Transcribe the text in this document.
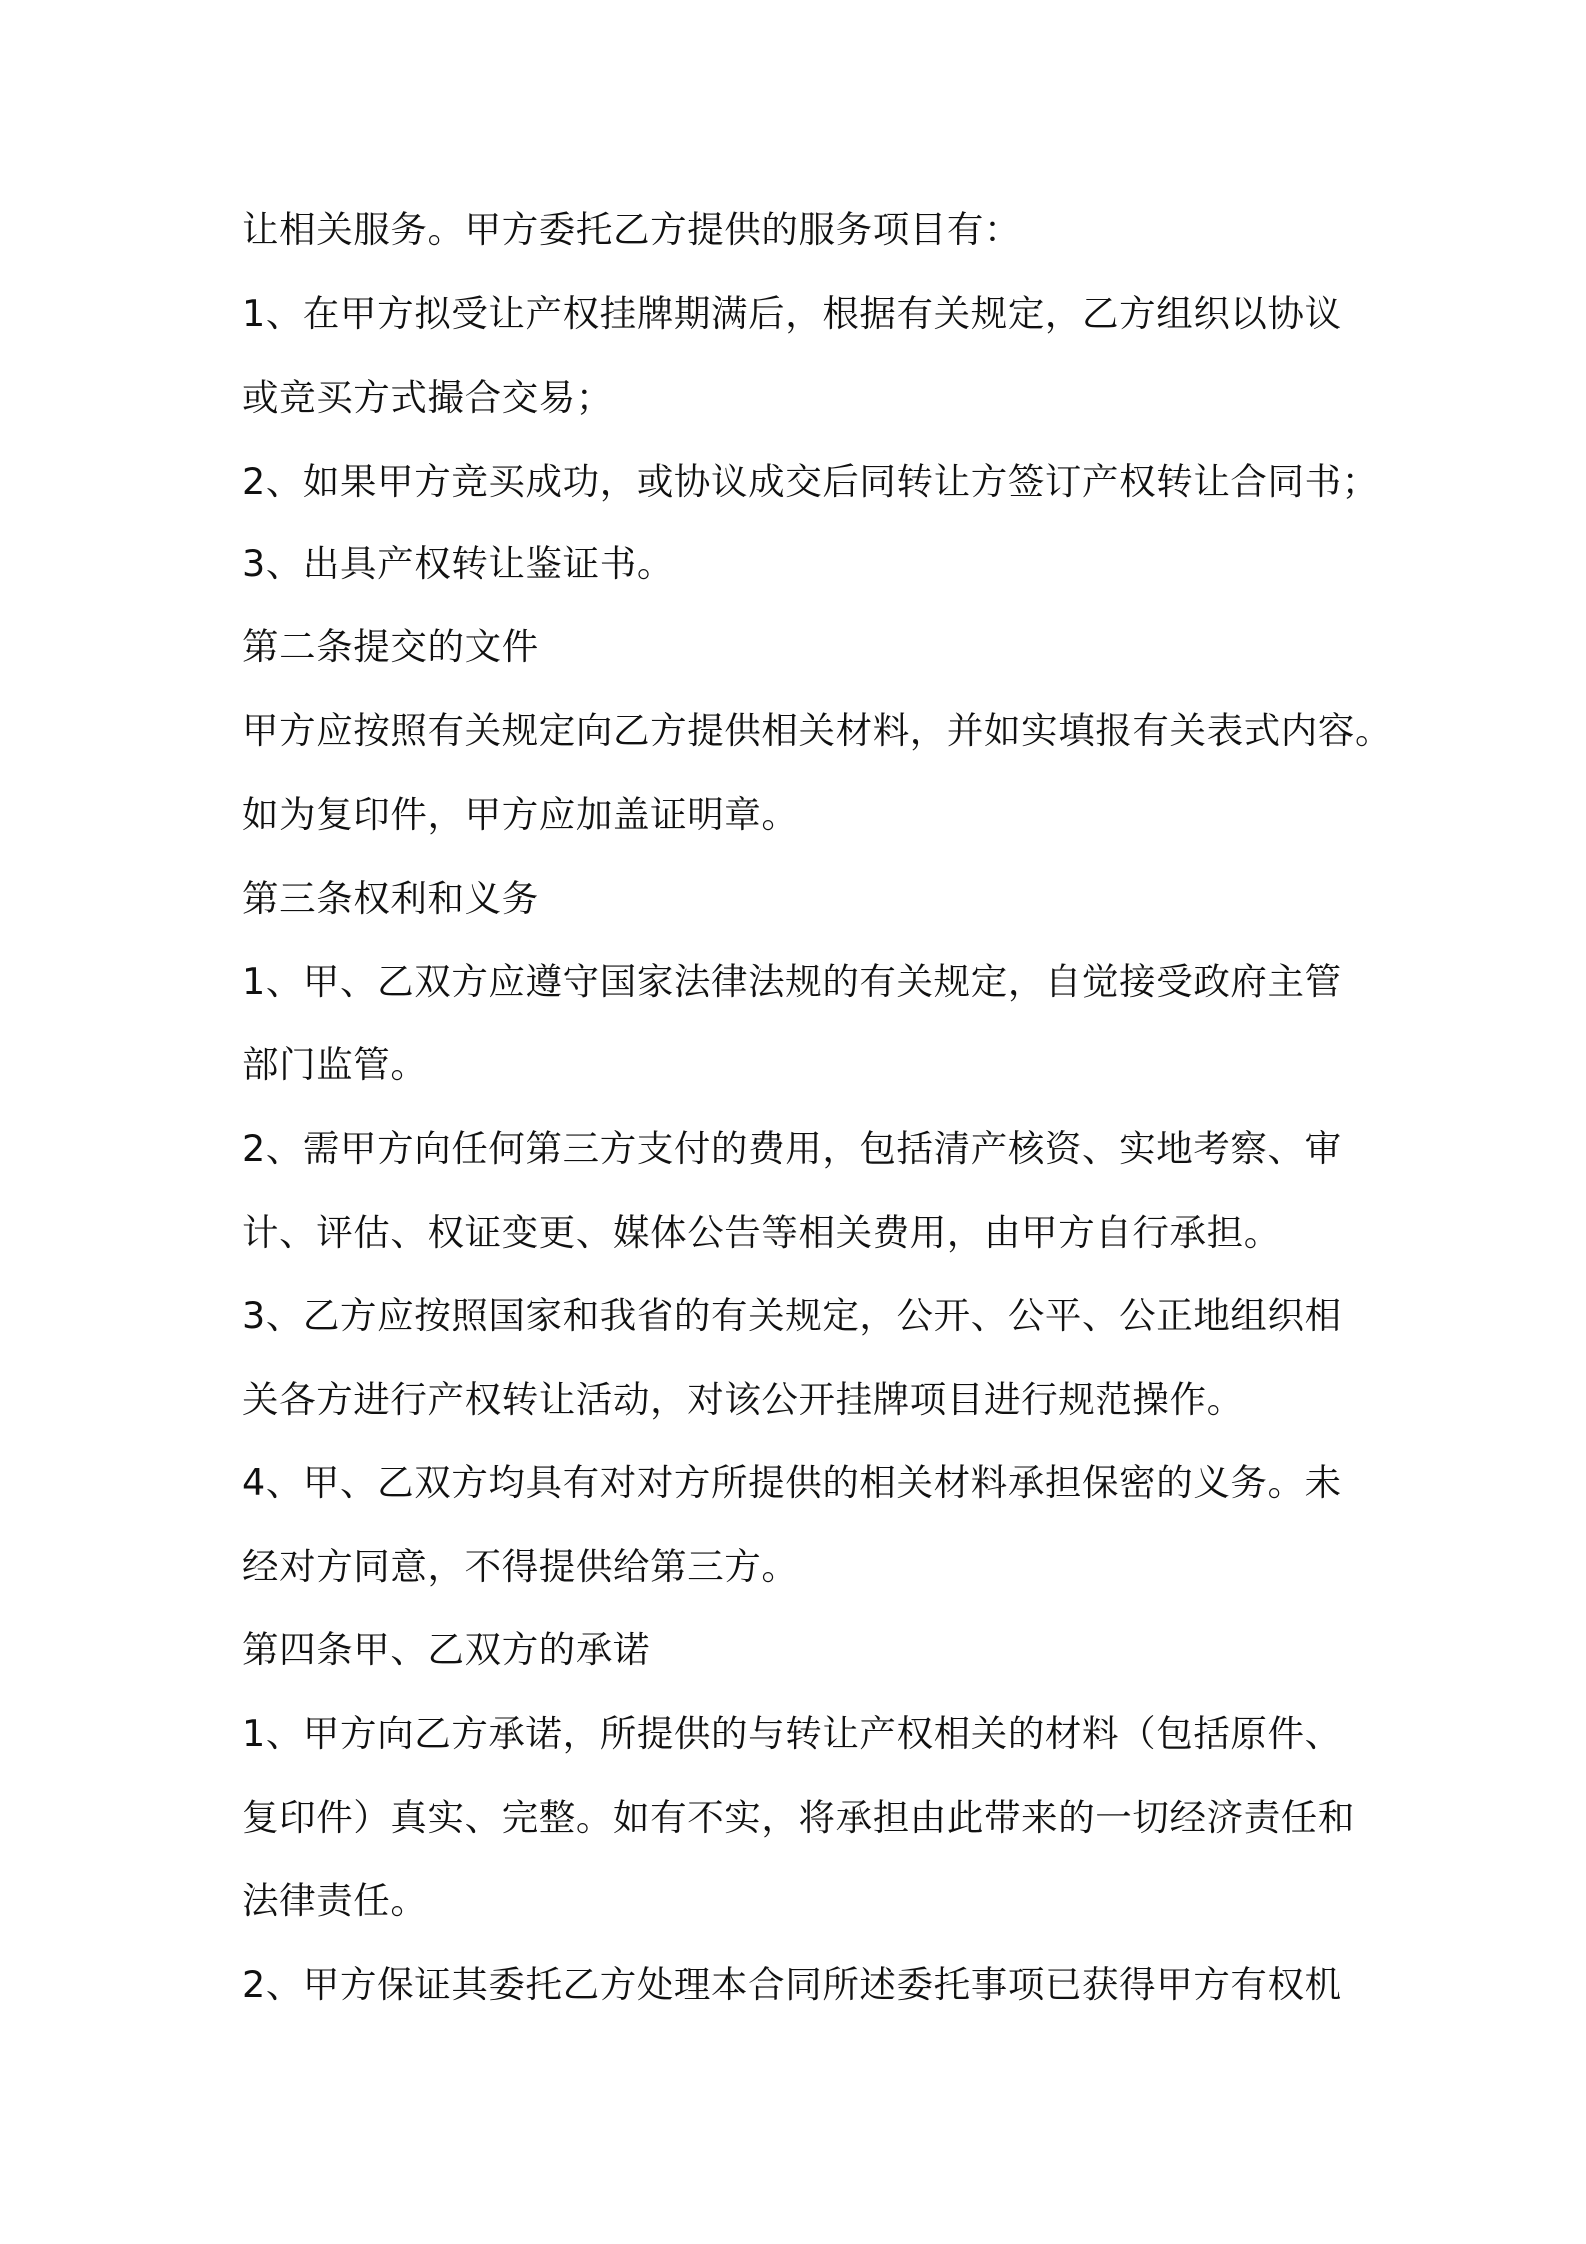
让相关服务。甲方委托乙方提供的服务项目有：
1、在甲方拟受让产权挂牌期满后，根据有关规定，乙方组织以协议
或竞买方式撮合交易；
2、如果甲方竞买成功，或协议成交后同转让方签订产权转让合同书；
3、出具产权转让鉴证书。
第二条提交的文件
甲方应按照有关规定向乙方提供相关材料，并如实填报有关表式内容。
如为复印件，甲方应加盖证明章。
第三条权利和义务
1、甲、乙双方应遵守国家法律法规的有关规定，自觉接受政府主管
部门监管。
2、需甲方向任何第三方支付的费用，包括清产核资、实地考察、审
计、评估、权证变更、媒体公告等相关费用，由甲方自行承担。
3、乙方应按照国家和我省的有关规定，公开、公平、公正地组织相
关各方进行产权转让活动，对该公开挂牌项目进行规范操作。
4、甲、乙双方均具有对对方所提供的相关材料承担保密的义务。未
经对方同意，不得提供给第三方。
第四条甲、乙双方的承诺
1、甲方向乙方承诺，所提供的与转让产权相关的材料（包括原件、
复印件）真实、完整。如有不实，将承担由此带来的一切经济责任和
法律责任。
2、甲方保证其委托乙方处理本合同所述委托事项已获得甲方有权机
